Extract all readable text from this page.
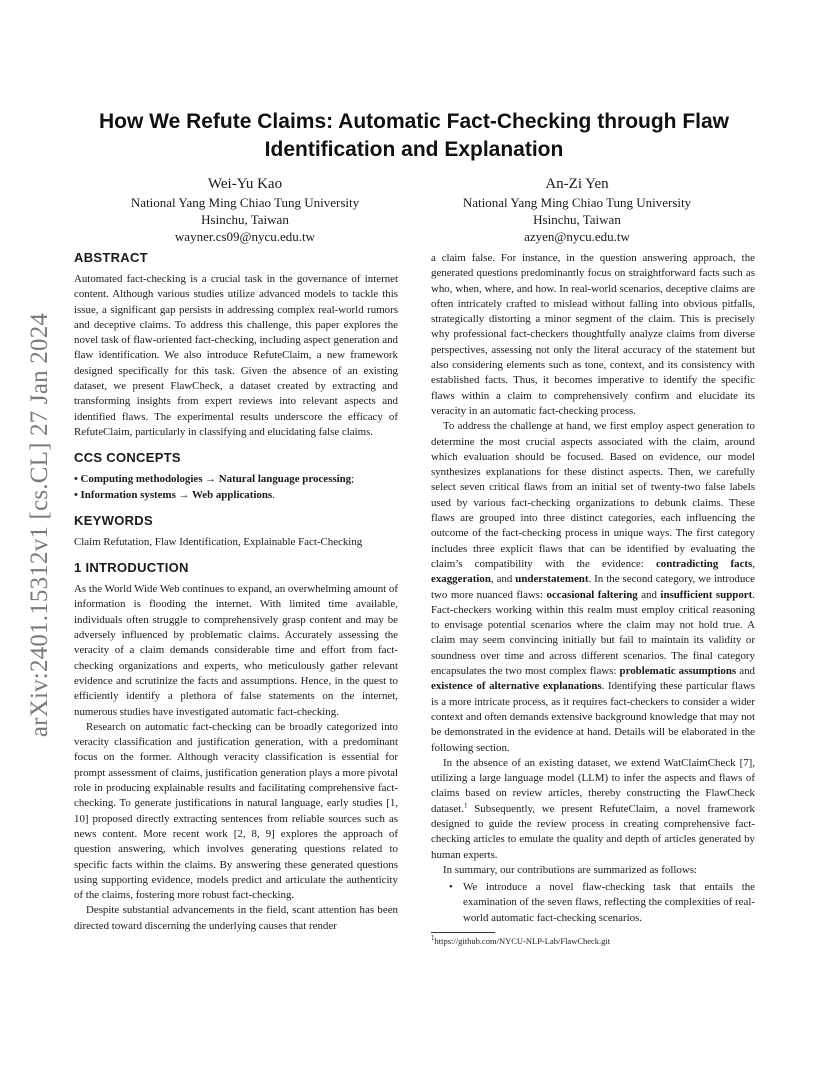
arXiv:2401.15312v1 [cs.CL] 27 Jan 2024
How We Refute Claims: Automatic Fact-Checking through Flaw Identification and Explanation
Wei-Yu Kao
National Yang Ming Chiao Tung University
Hsinchu, Taiwan
wayner.cs09@nycu.edu.tw
An-Zi Yen
National Yang Ming Chiao Tung University
Hsinchu, Taiwan
azyen@nycu.edu.tw
ABSTRACT

Automated fact-checking is a crucial task in the governance of internet content. Although various studies utilize advanced models to tackle this issue, a significant gap persists in addressing complex real-world rumors and deceptive claims. To address this challenge, this paper explores the novel task of flaw-oriented fact-checking, including aspect generation and flaw identification. We also introduce RefuteClaim, a new framework designed specifically for this task. Given the absence of an existing dataset, we present FlawCheck, a dataset created by extracting and transforming insights from expert reviews into relevant aspects and identified flaws. The experimental results underscore the efficacy of RefuteClaim, particularly in classifying and elucidating false claims.

CCS CONCEPTS

• Computing methodologies → Natural language processing;

• Information systems → Web applications.

KEYWORDS

Claim Refutation, Flaw Identification, Explainable Fact-Checking

1 INTRODUCTION

As the World Wide Web continues to expand, an overwhelming amount of information is flooding the internet. With limited time available, individuals often struggle to comprehensively grasp content and may be adversely influenced by problematic claims. Accurately assessing the veracity of a claim demands considerable time and effort from fact-checking organizations and experts, who meticulously gather relevant evidence and scrutinize the facts and assumptions. Hence, in the quest to efficiently identify a plethora of false statements on the internet, numerous studies have investigated automatic fact-checking.

Research on automatic fact-checking can be broadly categorized into veracity classification and justification generation, with a predominant focus on the former. Although veracity classification is essential for prompt assessment of claims, justification generation plays a more pivotal role in producing explainable results and facilitating comprehensive fact-checking. To generate justifications in natural language, early studies [1, 10] proposed directly extracting sentences from reliable sources such as news content. More recent work [2, 8, 9] explores the approach of question answering, which involves generating questions related to specific facts within the claims. By answering these generated questions using supporting evidence, models predict and articulate the authenticity of the claims, fostering more robust fact-checking.

Despite substantial advancements in the field, scant attention has been directed toward discerning the underlying causes that render

a claim false. For instance, in the question answering approach, the generated questions predominantly focus on straightforward facts such as who, when, where, and how. In real-world scenarios, deceptive claims are often intricately crafted to mislead without falling into obvious pitfalls, strategically distorting a minor segment of the claim. This is precisely why professional fact-checkers thoughtfully analyze claims from diverse perspectives, assessing not only the literal accuracy of the statement but also considering elements such as tone, context, and its consistency with established facts. Thus, it becomes imperative to identify the specific flaws within a claim to comprehensively confirm and elucidate its veracity in an automatic fact-checking process.

To address the challenge at hand, we first employ aspect generation to determine the most crucial aspects associated with the claim, around which evaluation should be focused. Based on evidence, our model synthesizes explanations for these distinct aspects. Then, we carefully select seven critical flaws from an initial set of twenty-two false labels used by various fact-checking organizations to debunk claims. These flaws are grouped into three distinct categories, each influencing the outcome of the fact-checking process in unique ways. The first category includes three explicit flaws that can be identified by evaluating the claim’s compatibility with the evidence: contradicting facts, exaggeration, and understatement. In the second category, we introduce two more nuanced flaws: occasional faltering and insufficient support. Fact-checkers working within this realm must employ critical reasoning to envisage potential scenarios where the claim may not hold true. A claim may seem convincing initially but fail to maintain its validity or soundness over time and across different scenarios. The final category encapsulates the two most complex flaws: problematic assumptions and existence of alternative explanations. Identifying these particular flaws is a more intricate process, as it requires fact-checkers to consider a wider context and often demands extensive background knowledge that may not be demonstrated in the evidence at hand. Details will be elaborated in the following section.

In the absence of an existing dataset, we extend WatClaimCheck [7], utilizing a large language model (LLM) to infer the aspects and flaws of claims based on review articles, thereby constructing the FlawCheck dataset.$^1$ Subsequently, we present RefuteClaim, a novel framework designed to guide the review process in creating comprehensive fact-checking articles to emulate the quality and depth of articles generated by human experts.

In summary, our contributions are summarized as follows:

• We introduce a novel flaw-checking task that entails the examination of the seven flaws, reflecting the complexities of real-world automatic fact-checking scenarios.
$^1$https://github.com/NYCU-NLP-Lab/FlawCheck.git
